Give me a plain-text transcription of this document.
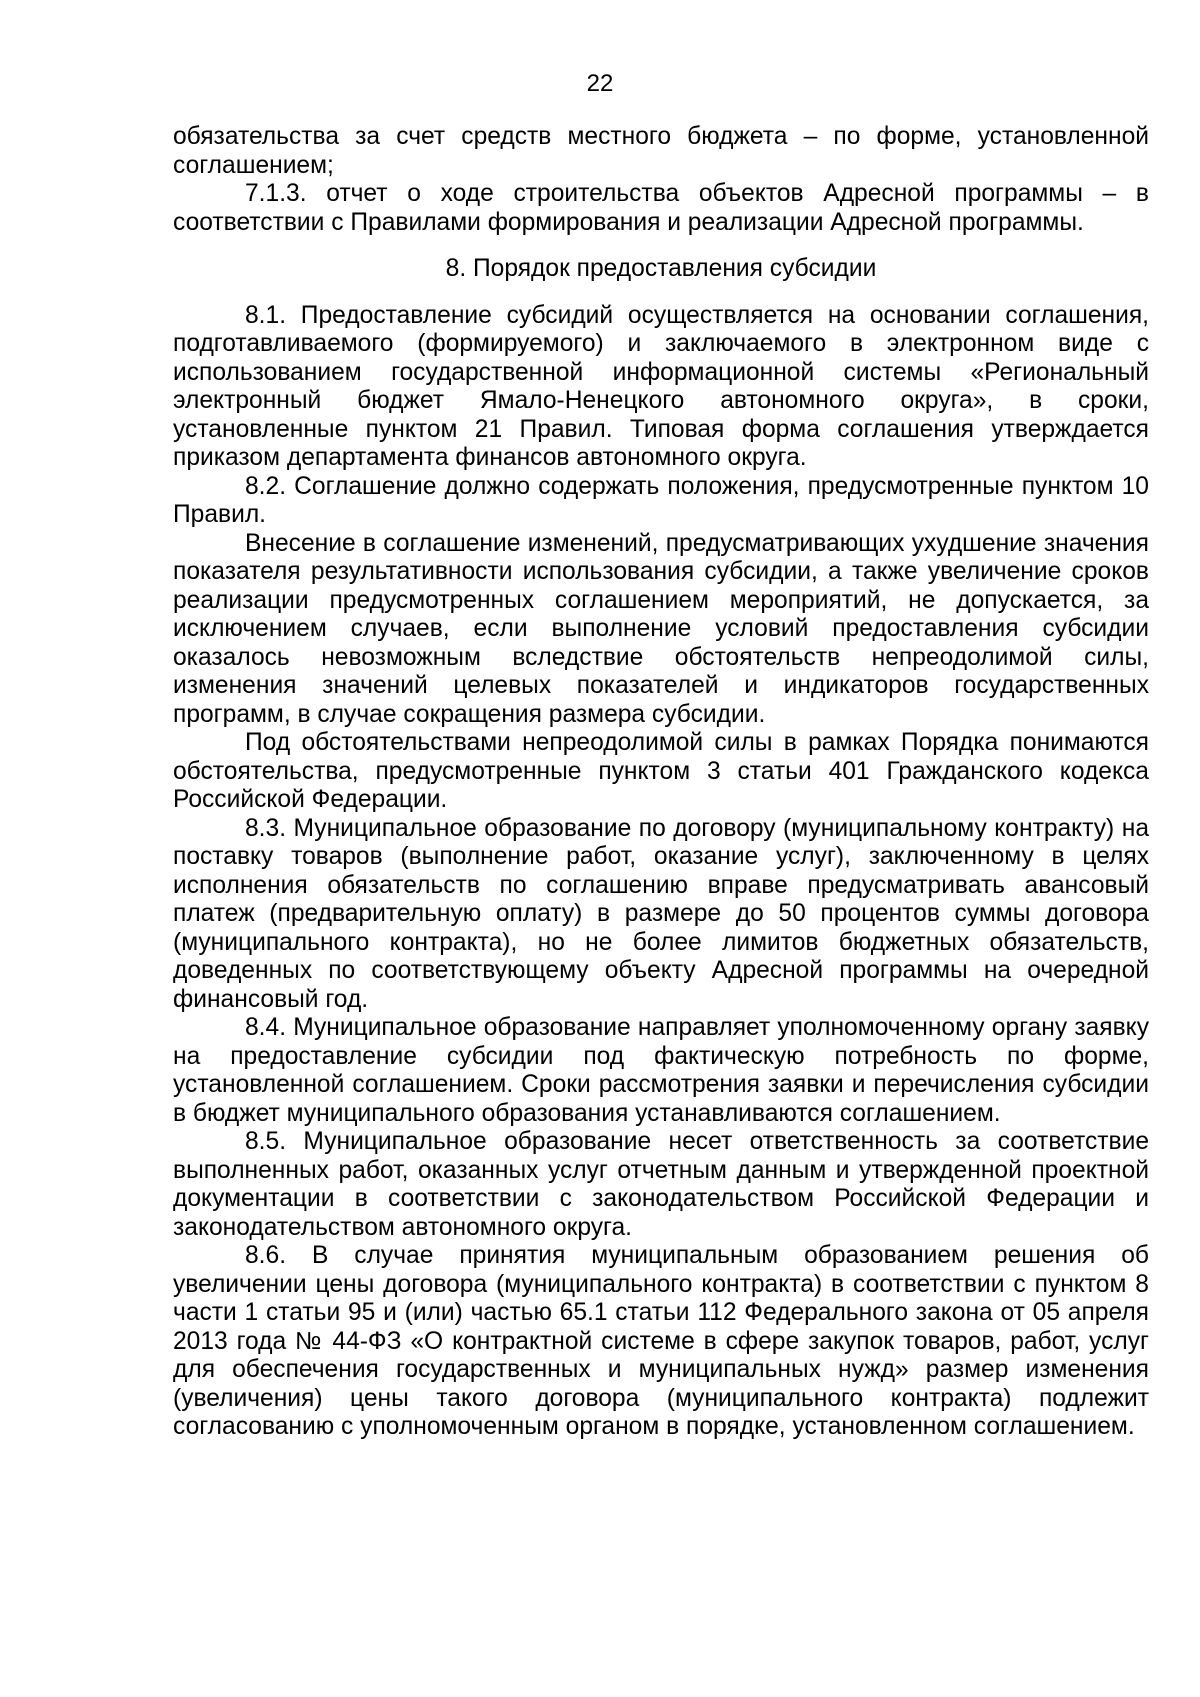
22

обязательства за счет средств местного бюджета – по форме, установленной соглашением;

7.1.3. отчет о ходе строительства объектов Адресной программы – в соответствии с Правилами формирования и реализации Адресной программы.

8. Порядок предоставления субсидии

8.1. Предоставление субсидий осуществляется на основании соглашения, подготавливаемого (формируемого) и заключаемого в электронном виде с использованием государственной информационной системы «Региональный электронный бюджет Ямало-Ненецкого автономного округа», в сроки, установленные пунктом 21 Правил. Типовая форма соглашения утверждается приказом департамента финансов автономного округа.

8.2. Соглашение должно содержать положения, предусмотренные пунктом 10 Правил.

Внесение в соглашение изменений, предусматривающих ухудшение значения показателя результативности использования субсидии, а также увеличение сроков реализации предусмотренных соглашением мероприятий, не допускается, за исключением случаев, если выполнение условий предоставления субсидии оказалось невозможным вследствие обстоятельств непреодолимой силы, изменения значений целевых показателей и индикаторов государственных программ, в случае сокращения размера субсидии.

Под обстоятельствами непреодолимой силы в рамках Порядка понимаются обстоятельства, предусмотренные пунктом 3 статьи 401 Гражданского кодекса Российской Федерации.

8.3. Муниципальное образование по договору (муниципальному контракту) на поставку товаров (выполнение работ, оказание услуг), заключенному в целях исполнения обязательств по соглашению вправе предусматривать авансовый платеж (предварительную оплату) в размере до 50 процентов суммы договора (муниципального контракта), но не более лимитов бюджетных обязательств, доведенных по соответствующему объекту Адресной программы на очередной финансовый год.

8.4. Муниципальное образование направляет уполномоченному органу заявку на предоставление субсидии под фактическую потребность по форме, установленной соглашением. Сроки рассмотрения заявки и перечисления субсидии в бюджет муниципального образования устанавливаются соглашением.

8.5. Муниципальное образование несет ответственность за соответствие выполненных работ, оказанных услуг отчетным данным и утвержденной проектной документации в соответствии с законодательством Российской Федерации и законодательством автономного округа.

8.6. В случае принятия муниципальным образованием решения об увеличении цены договора (муниципального контракта) в соответствии с пунктом 8 части 1 статьи 95 и (или) частью 65.1 статьи 112 Федерального закона от 05 апреля 2013 года № 44-ФЗ «О контрактной системе в сфере закупок товаров, работ, услуг для обеспечения государственных и муниципальных нужд» размер изменения (увеличения) цены такого договора (муниципального контракта) подлежит согласованию с уполномоченным органом в порядке, установленном соглашением.
